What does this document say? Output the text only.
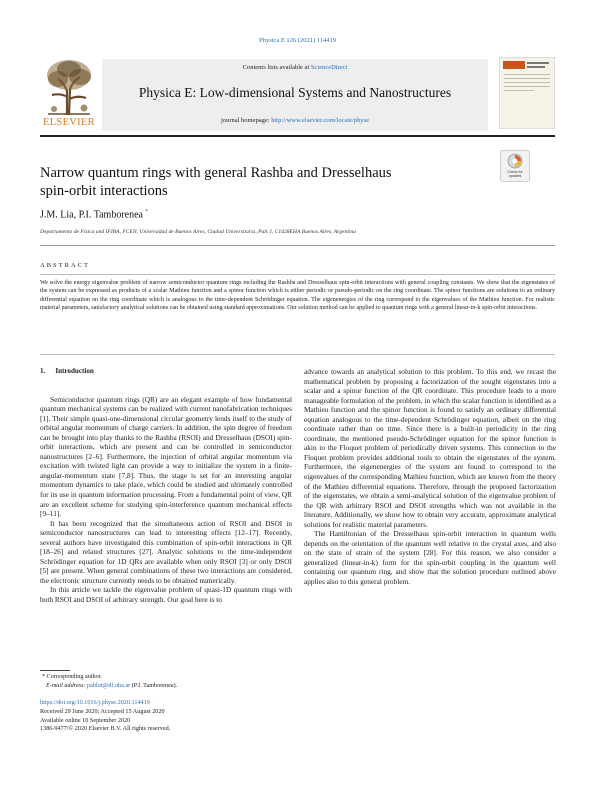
Physica E 126 (2021) 114419
ELSEVIER
Contents lists available at ScienceDirect
Physica E: Low-dimensional Systems and Nanostructures
journal homepage: http://www.elsevier.com/locate/physe
Narrow quantum rings with general Rashba and Dresselhaus
spin-orbit interactions
Check for updates
J.M. Lia, P.I. Tamborenea *
Departamento de Física and IFIBA, FCEN, Universidad de Buenos Aires, Ciudad Universitaria, Pab. I, C1428EHA Buenos Aires, Argentina
ABSTRACT
We solve the energy eigenvalue problem of narrow semiconductor quantum rings including the Rashba and Dresselhaus spin-orbit interactions with general coupling constants. We show that the eigenstates of the system can be expressed as products of a scalar Mathieu function and a spinor function which is either periodic or pseudo-periodic on the ring coordinate. The spinor functions are solutions to an ordinary differential equation on the ring coordinate which is analogous to the time-dependent Schrödinger equation. The eigenenergies of the ring correspond to the eigenvalues of the Mathieu function. For realistic material parameters, satisfactory analytical solutions can be obtained using standard approximations. Our solution method can be applied to quantum rings with a general linear-in-k spin-orbit interactions.
1. Introduction

Semiconductor quantum rings (QR) are an elegant example of how fundamental quantum mechanical systems can be realized with current nanofabrication techniques [1]. Their simple quasi-one-dimensional circular geometry lends itself to the study of orbital angular momentum of charge carriers. In addition, the spin degree of freedom can be brought into play thanks to the Rashba (RSOI) and Dresselhaus (DSOI) spin-orbit interactions, which are present and can be controlled in semiconductor nanostructures [2–6]. Furthermore, the injection of orbital angular momentum via excitation with twisted light can provide a way to initialize the system in a finite-angular-momentum state [7,8]. Thus, the stage is set for an interesting angular momentum dynamics to take place, which could be studied and ultimately controlled for its use in quantum information processing. From a fundamental point of view, QR are an excellent scheme for studying spin-interference quantum mechanical effects [9–11].

It has been recognized that the simultaneous action of RSOI and DSOI in semiconductor nanostructures can lead to interesting effects [12–17]. Recently, several authors have investigated this combination of spin-orbit interactions in QR [18–26] and related structures [27]. Analytic solutions to the time-independent Schrödinger equation for 1D QRs are available when only RSOI [3] or only DSOI [5] are present. When general combinations of these two interactions are considered, the electronic structure currently needs to be obtained numerically.

In this article we tackle the eigenvalue problem of quasi-1D quantum rings with both RSOI and DSOI of arbitrary strength. Our goal here is to

advance towards an analytical solution to this problem. To this end, we recast the mathematical problem by proposing a factorization of the sought eigenstates into a scalar and a spinor function of the QR coordinate. This procedure leads to a more manageable formulation of the problem, in which the scalar function is identified as a Mathieu function and the spinor function is found to satisfy an ordinary differential equation analogous to the time-dependent Schrödinger equation, albeit on the ring coordinate rather than on time. Since there is a built-in periodicity in the ring coordinate, the mentioned pseudo-Schrödinger equation for the spinor function is akin to the Floquet problem of periodically driven systems. This connection to the Floquet problem provides additional tools to obtain the eigenstates of the system. Furthermore, the eigenenergies of the system are found to correspond to the eigenvalues of the corresponding Mathieu function, which are known from the theory of the Mathieu differential equations. Therefore, through the proposed factorization of the eigenstates, we obtain a semi-analytical solution of the eigenvalue problem of the QR with arbitrary RSOI and DSOI strengths which was not available in the literature. Additionally, we show how to obtain very accurate, approximate analytical solutions for realistic material parameters.

The Hamiltonian of the Dresselhaus spin-orbit interaction in quantum wells depends on the orientation of the quantum well relative to the crystal axes, and also on the state of strain of the system [28]. For this reason, we also consider a generalized (linear-in-k) form for the spin-orbit coupling in the quantum well containing our quantum ring, and show that the solution procedure outlined above applies also to this general problem.

* Corresponding author.
E-mail address: pablot@df.uba.ar (P.I. Tamborenea).
https://doi.org/10.1016/j.physe.2020.114419
Received 29 June 2020; Accepted 15 August 2020
Available online 10 September 2020
1386-9477/© 2020 Elsevier B.V. All rights reserved.
